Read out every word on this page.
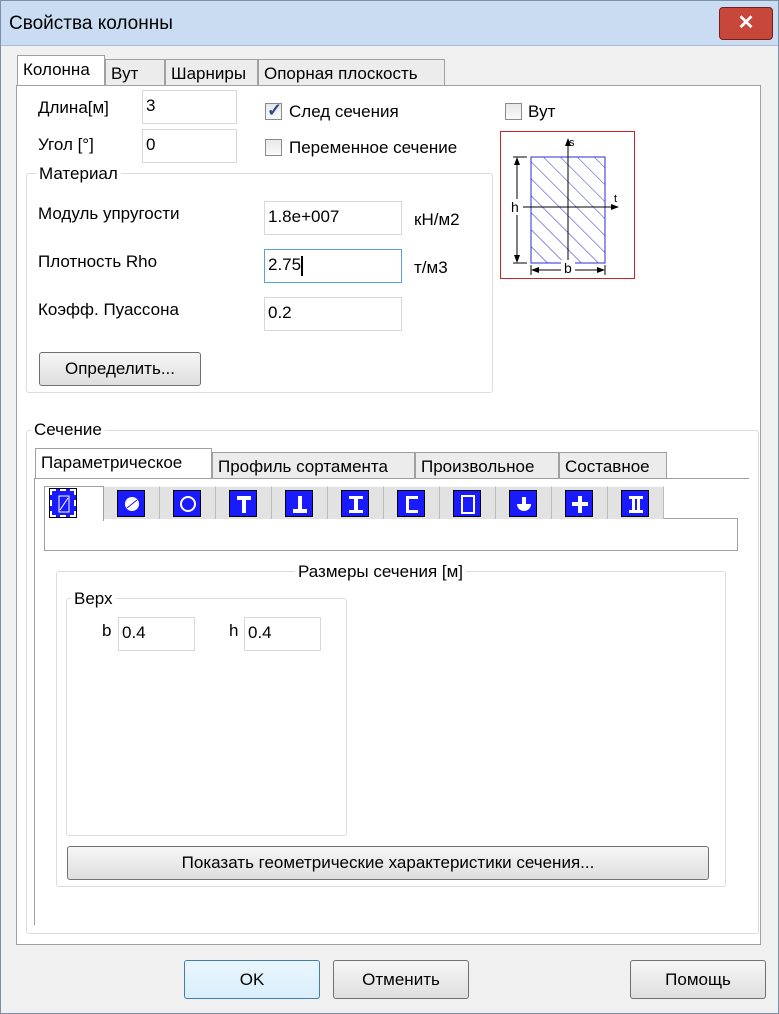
Свойства колонны	✕
Колонна	Вут	Шарниры	Опорная плоскость
Длина[м] 3
Угол [°]	0
✓ След сечения
Переменное сечение
Вут
h
b
s
t
Материал
Модуль упругости	1.8e+007	кН/м2
Плотность Rho	2.75	т/м3
Коэфф. Пуассона	0.2
Определить...
Сечение
Параметрическое	Профиль сортамента	Произвольное	Составное
Размеры сечения [м]
Верх
b 0.4	h 0.4
Показать геометрические характеристики сечения...
OK	Отменить	Помощь
